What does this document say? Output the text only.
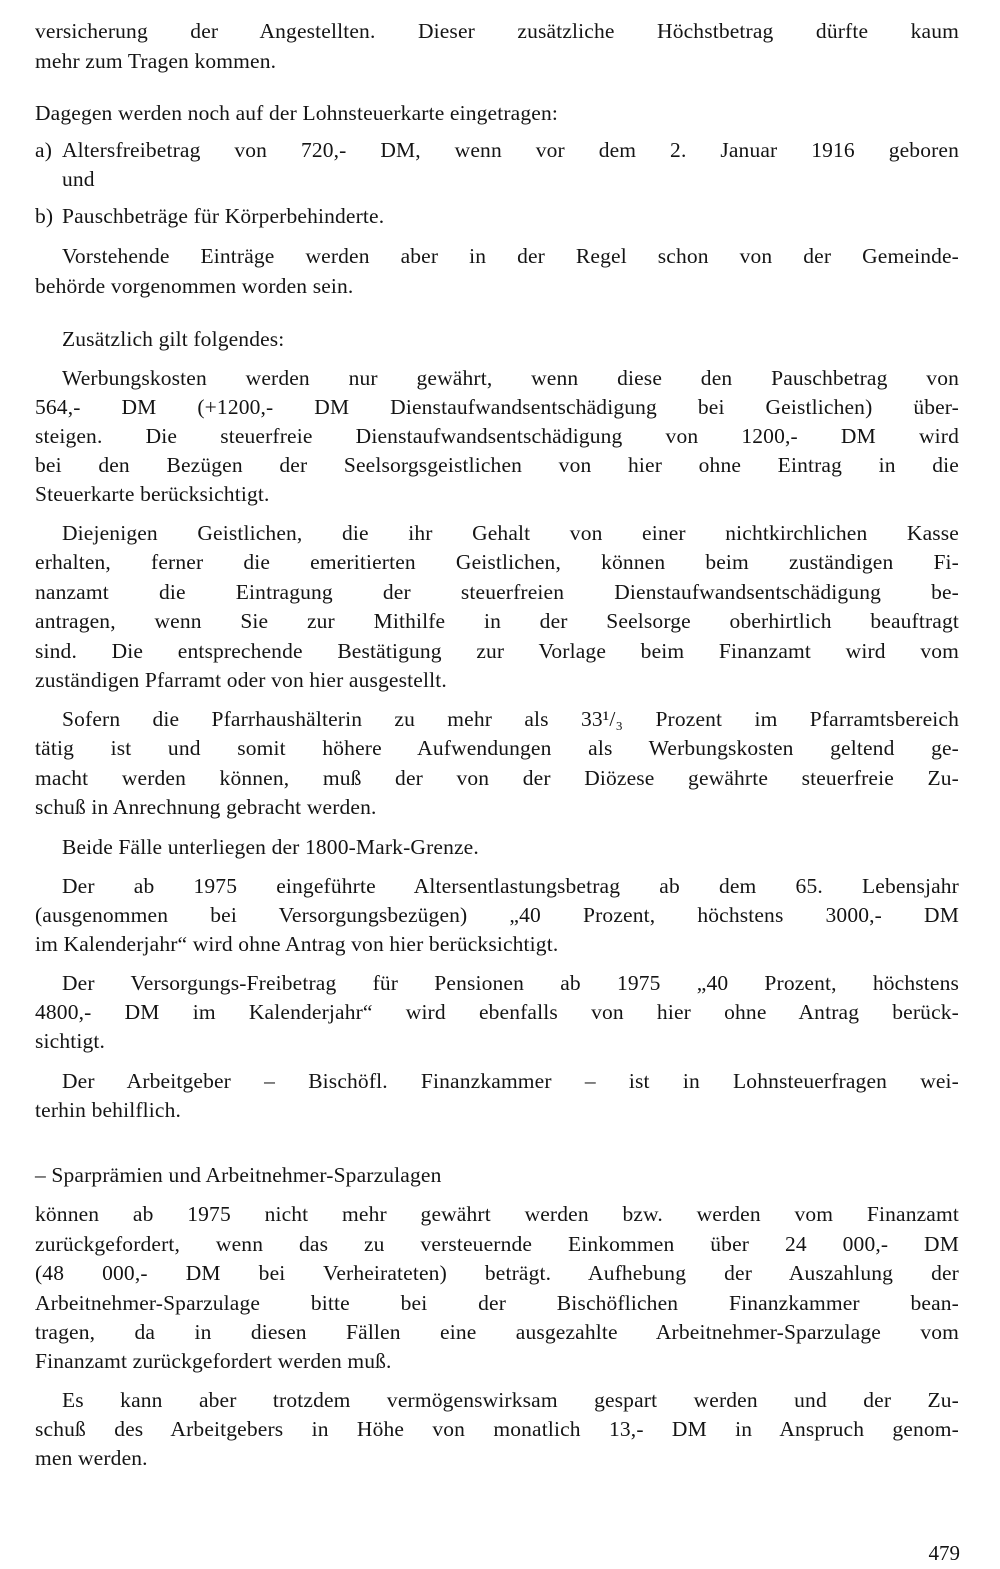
versicherung der Angestellten. Dieser zusätzliche Höchstbetrag dürfte kaum
mehr zum Tragen kommen.
Dagegen werden noch auf der Lohnsteuerkarte eingetragen:
a) Altersfreibetrag von 720,- DM, wenn vor dem 2. Januar 1916 geboren
und
b) Pauschbeträge für Körperbehinderte.
Vorstehende Einträge werden aber in der Regel schon von der Gemeinde-
behörde vorgenommen worden sein.
Zusätzlich gilt folgendes:
Werbungskosten werden nur gewährt, wenn diese den Pauschbetrag von
564,- DM (+1200,- DM Dienstaufwandsentschädigung bei Geistlichen) über-
steigen. Die steuerfreie Dienstaufwandsentschädigung von 1200,- DM wird
bei den Bezügen der Seelsorgsgeistlichen von hier ohne Eintrag in die
Steuerkarte berücksichtigt.
Diejenigen Geistlichen, die ihr Gehalt von einer nichtkirchlichen Kasse
erhalten, ferner die emeritierten Geistlichen, können beim zuständigen Fi-
nanzamt die Eintragung der steuerfreien Dienstaufwandsentschädigung be-
antragen, wenn Sie zur Mithilfe in der Seelsorge oberhirtlich beauftragt
sind. Die entsprechende Bestätigung zur Vorlage beim Finanzamt wird vom
zuständigen Pfarramt oder von hier ausgestellt.
Sofern die Pfarrhaushälterin zu mehr als 33¹/₃ Prozent im Pfarramtsbereich
tätig ist und somit höhere Aufwendungen als Werbungskosten geltend ge-
macht werden können, muß der von der Diözese gewährte steuerfreie Zu-
schuß in Anrechnung gebracht werden.
Beide Fälle unterliegen der 1800-Mark-Grenze.
Der ab 1975 eingeführte Altersentlastungsbetrag ab dem 65. Lebensjahr
(ausgenommen bei Versorgungsbezügen) „40 Prozent, höchstens 3000,- DM
im Kalenderjahr“ wird ohne Antrag von hier berücksichtigt.
Der Versorgungs-Freibetrag für Pensionen ab 1975 „40 Prozent, höchstens
4800,- DM im Kalenderjahr“ wird ebenfalls von hier ohne Antrag berück-
sichtigt.
Der Arbeitgeber – Bischöfl. Finanzkammer – ist in Lohnsteuerfragen wei-
terhin behilflich.
– Sparprämien und Arbeitnehmer-Sparzulagen
können ab 1975 nicht mehr gewährt werden bzw. werden vom Finanzamt
zurückgefordert, wenn das zu versteuernde Einkommen über 24 000,- DM
(48 000,- DM bei Verheirateten) beträgt. Aufhebung der Auszahlung der
Arbeitnehmer-Sparzulage bitte bei der Bischöflichen Finanzkammer bean-
tragen, da in diesen Fällen eine ausgezahlte Arbeitnehmer-Sparzulage vom
Finanzamt zurückgefordert werden muß.
Es kann aber trotzdem vermögenswirksam gespart werden und der Zu-
schuß des Arbeitgebers in Höhe von monatlich 13,- DM in Anspruch genom-
men werden.
479
